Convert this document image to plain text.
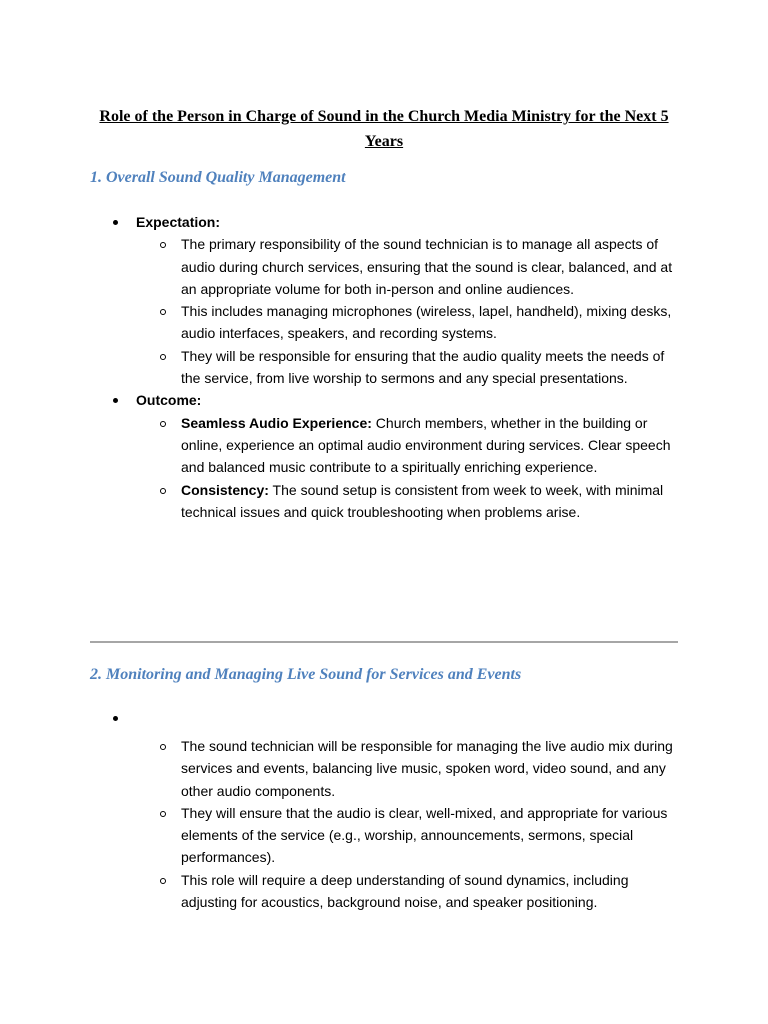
Role of the Person in Charge of Sound in the Church Media Ministry for the Next 5 Years
1. Overall Sound Quality Management
Expectation:
The primary responsibility of the sound technician is to manage all aspects of audio during church services, ensuring that the sound is clear, balanced, and at an appropriate volume for both in-person and online audiences.
This includes managing microphones (wireless, lapel, handheld), mixing desks, audio interfaces, speakers, and recording systems.
They will be responsible for ensuring that the audio quality meets the needs of the service, from live worship to sermons and any special presentations.
Outcome:
Seamless Audio Experience: Church members, whether in the building or online, experience an optimal audio environment during services. Clear speech and balanced music contribute to a spiritually enriching experience.
Consistency: The sound setup is consistent from week to week, with minimal technical issues and quick troubleshooting when problems arise.
2. Monitoring and Managing Live Sound for Services and Events
The sound technician will be responsible for managing the live audio mix during services and events, balancing live music, spoken word, video sound, and any other audio components.
They will ensure that the audio is clear, well-mixed, and appropriate for various elements of the service (e.g., worship, announcements, sermons, special performances).
This role will require a deep understanding of sound dynamics, including adjusting for acoustics, background noise, and speaker positioning.
